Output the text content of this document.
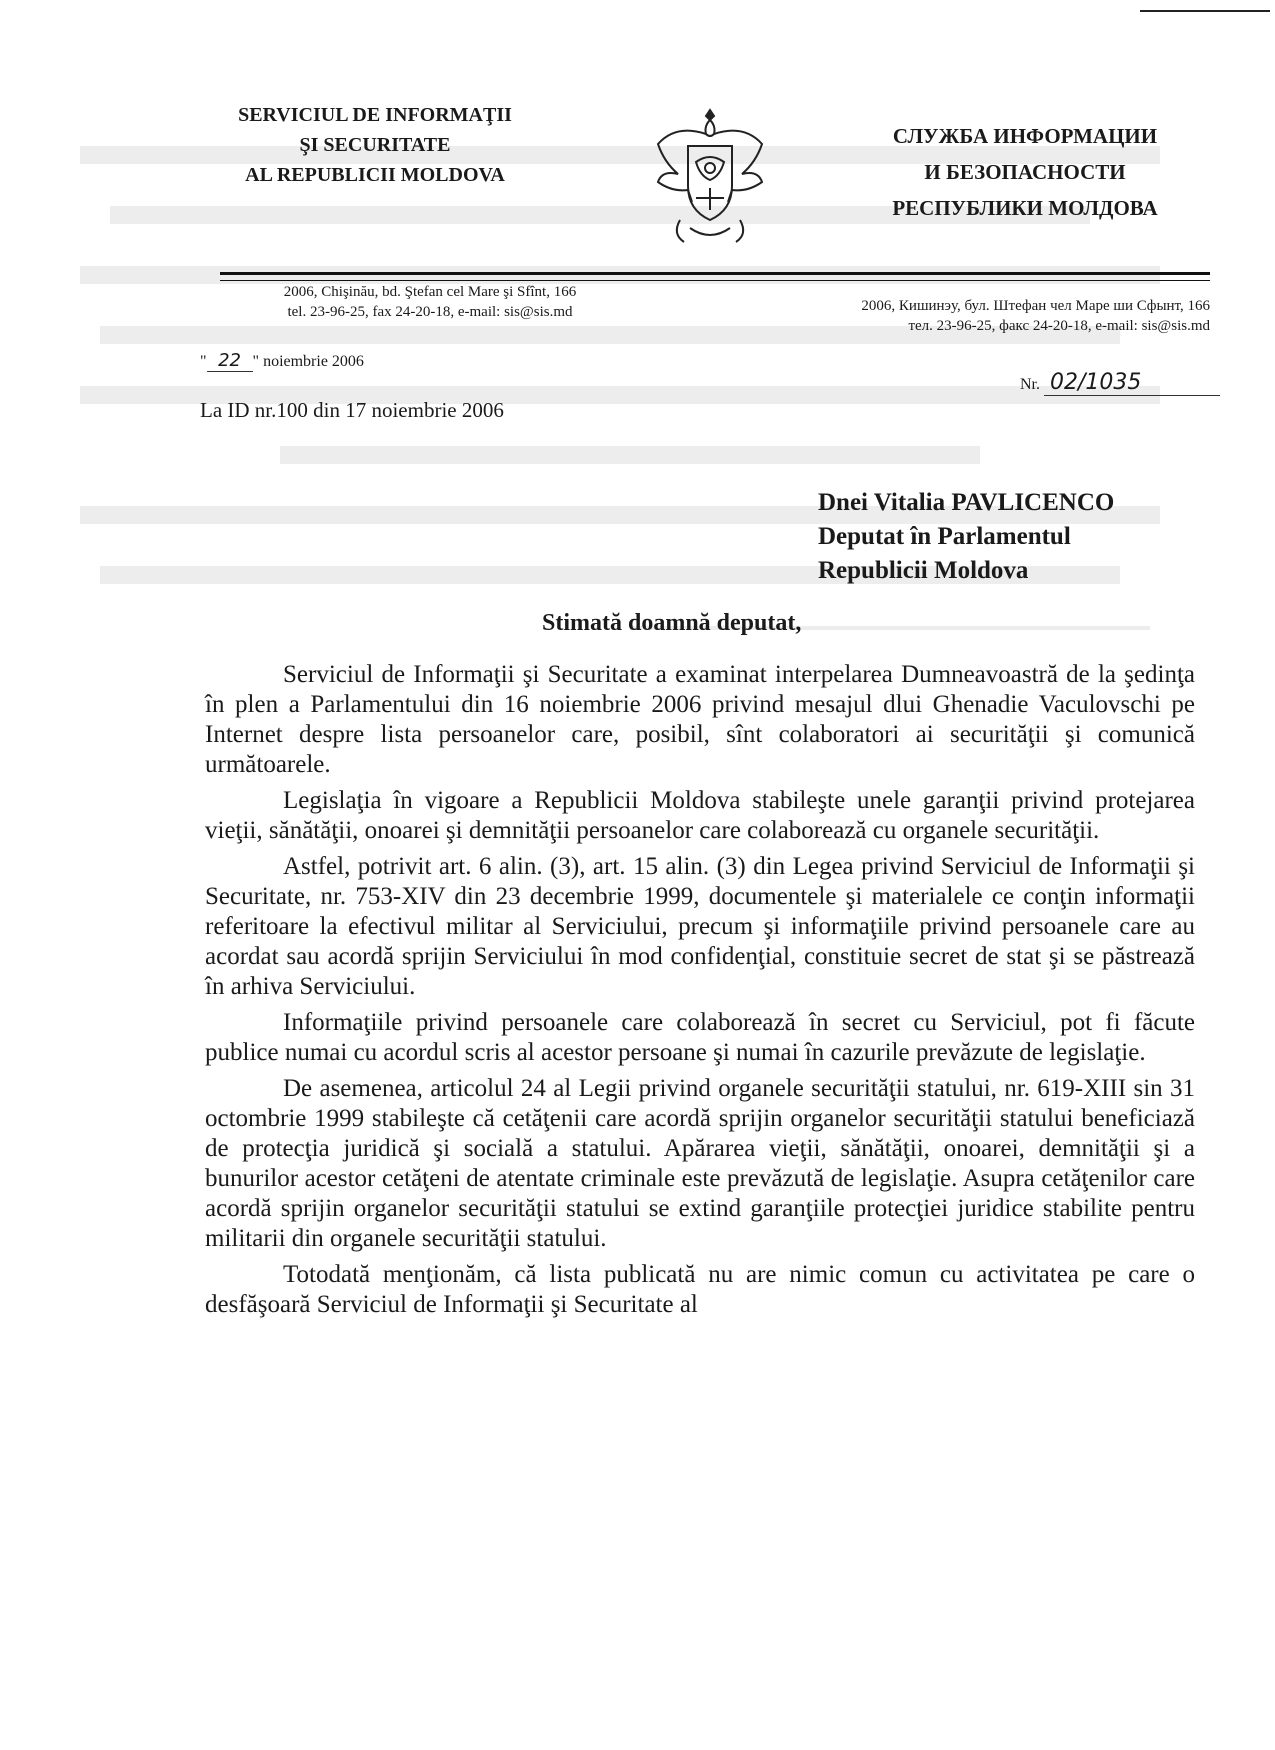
SERVICIUL DE INFORMAŢII
ŞI SECURITATE
AL REPUBLICII MOLDOVA
СЛУЖБА ИНФОРМАЦИИ
И БЕЗОПАСНОСТИ
РЕСПУБЛИКИ МОЛДОВА
2006, Chişinău, bd. Ştefan cel Mare şi Sfînt, 166
tel. 23-96-25, fax 24-20-18, e-mail: sis@sis.md	2006, Кишинэу, бул. Штефан чел Маре ши Сфынт, 166
тел. 23-96-25, факс 24-20-18, e-mail: sis@sis.md
" 22 " noiembrie 2006
Nr. 02/1035
La ID nr.100 din 17 noiembrie 2006
Dnei Vitalia PAVLICENCO
Deputat în Parlamentul
Republicii Moldova
Stimată doamnă deputat,

Serviciul de Informaţii şi Securitate a examinat interpelarea Dumneavoastră de la şedinţa în plen a Parlamentului din 16 noiembrie 2006 privind mesajul dlui Ghenadie Vaculovschi pe Internet despre lista persoanelor care, posibil, sînt colaboratori ai securităţii şi comunică următoarele.

Legislaţia în vigoare a Republicii Moldova stabileşte unele garanţii privind protejarea vieţii, sănătăţii, onoarei şi demnităţii persoanelor care colaborează cu organele securităţii.

Astfel, potrivit art. 6 alin. (3), art. 15 alin. (3) din Legea privind Serviciul de Informaţii şi Securitate, nr. 753-XIV din 23 decembrie 1999, documentele şi materialele ce conţin informaţii referitoare la efectivul militar al Serviciului, precum şi informaţiile privind persoanele care au acordat sau acordă sprijin Serviciului în mod confidenţial, constituie secret de stat şi se păstrează în arhiva Serviciului.

Informaţiile privind persoanele care colaborează în secret cu Serviciul, pot fi făcute publice numai cu acordul scris al acestor persoane şi numai în cazurile prevăzute de legislaţie.

De asemenea, articolul 24 al Legii privind organele securităţii statului, nr. 619-XIII sin 31 octombrie 1999 stabileşte că cetăţenii care acordă sprijin organelor securităţii statului beneficiază de protecţia juridică şi socială a statului. Apărarea vieţii, sănătăţii, onoarei, demnităţii şi a bunurilor acestor cetăţeni de atentate criminale este prevăzută de legislaţie. Asupra cetăţenilor care acordă sprijin organelor securităţii statului se extind garanţiile protecţiei juridice stabilite pentru militarii din organele securităţii statului.

Totodată menţionăm, că lista publicată nu are nimic comun cu activitatea pe care o desfăşoară Serviciul de Informaţii şi Securitate al
